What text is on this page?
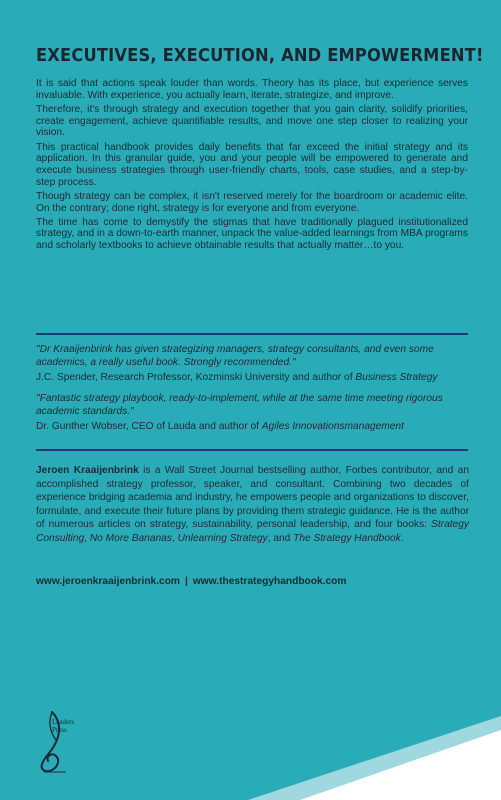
EXECUTIVES, EXECUTION, AND EMPOWERMENT!

It is said that actions speak louder than words. Theory has its place, but experience serves invaluable. With experience, you actually learn, iterate, strategize, and improve.

Therefore, it's through strategy and execution together that you gain clarity, solidify priorities, create engagement, achieve quantifiable results, and move one step closer to realizing your vision.

This practical handbook provides daily benefits that far exceed the initial strategy and its application. In this granular guide, you and your people will be empowered to generate and execute business strategies through user-friendly charts, tools, case studies, and a step-by-step process.

Though strategy can be complex, it isn't reserved merely for the boardroom or academic elite. On the contrary; done right, strategy is for everyone and from everyone.

The time has come to demystify the stigmas that have traditionally plagued institutionalized strategy, and in a down-to-earth manner, unpack the value-added learnings from MBA programs and scholarly textbooks to achieve obtainable results that actually matter…to you.

"Dr Kraaijenbrink has given strategizing managers, strategy consultants, and even some academics, a really useful book. Strongly recommended."
J.C. Spender, Research Professor, Kozminski University and author of Business Strategy
"Fantastic strategy playbook, ready-to-implement, while at the same time meeting rigorous academic standards."
Dr. Gunther Wobser, CEO of Lauda and author of Agiles Innovationsmanagement
Jeroen Kraaijenbrink is a Wall Street Journal bestselling author, Forbes contributor, and an accomplished strategy professor, speaker, and consultant. Combining two decades of experience bridging academia and industry, he empowers people and organizations to discover, formulate, and execute their future plans by providing them strategic guidance. He is the author of numerous articles on strategy, sustainability, personal leadership, and four books: Strategy Consulting, No More Bananas, Unlearning Strategy, and The Strategy Handbook.
www.jeroenkraaijenbrink.com | www.thestrategyhandbook.com
Leaders
Press
